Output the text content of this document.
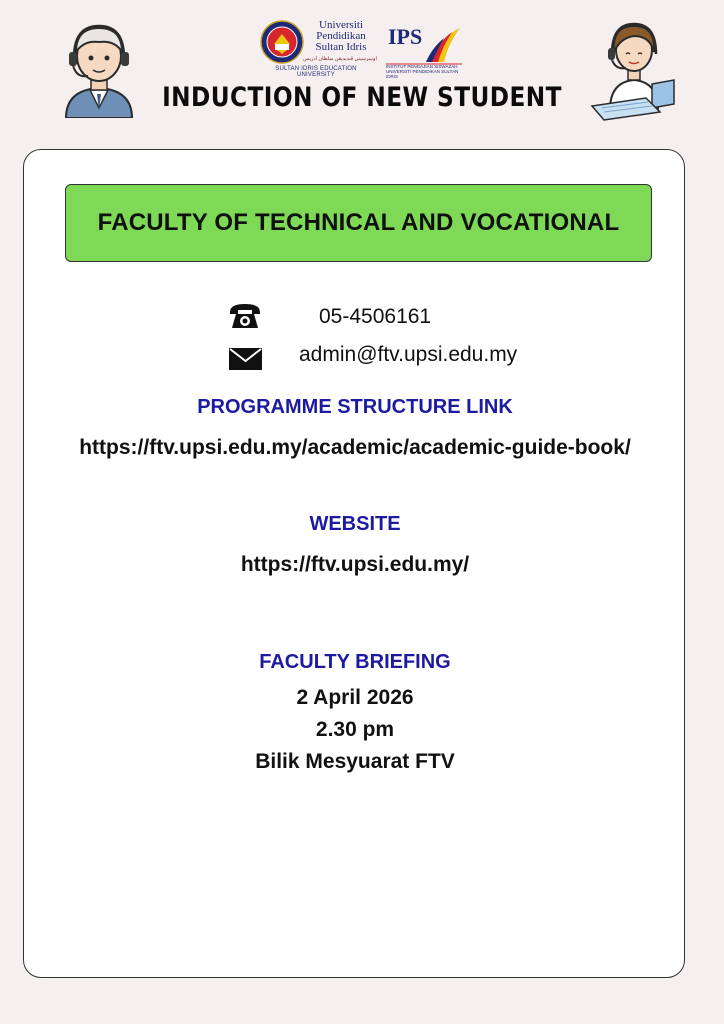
Universiti
Pendidikan
Sultan Idris
اونيبرسيتي ڤنديديقن سلطان ادريس
SULTAN IDRIS EDUCATION UNIVERSITY
IPS
INSTITUT PENGAJIAN SISWAZAH UNIVERSITI PENDIDIKAN SULTAN IDRIS
INDUCTION OF NEW STUDENT
FACULTY OF TECHNICAL AND VOCATIONAL
05-4506161
admin@ftv.upsi.edu.my
PROGRAMME STRUCTURE LINK
https://ftv.upsi.edu.my/academic/academic-guide-book/
WEBSITE
https://ftv.upsi.edu.my/
FACULTY BRIEFING
2 April 2026
2.30 pm
Bilik Mesyuarat FTV
